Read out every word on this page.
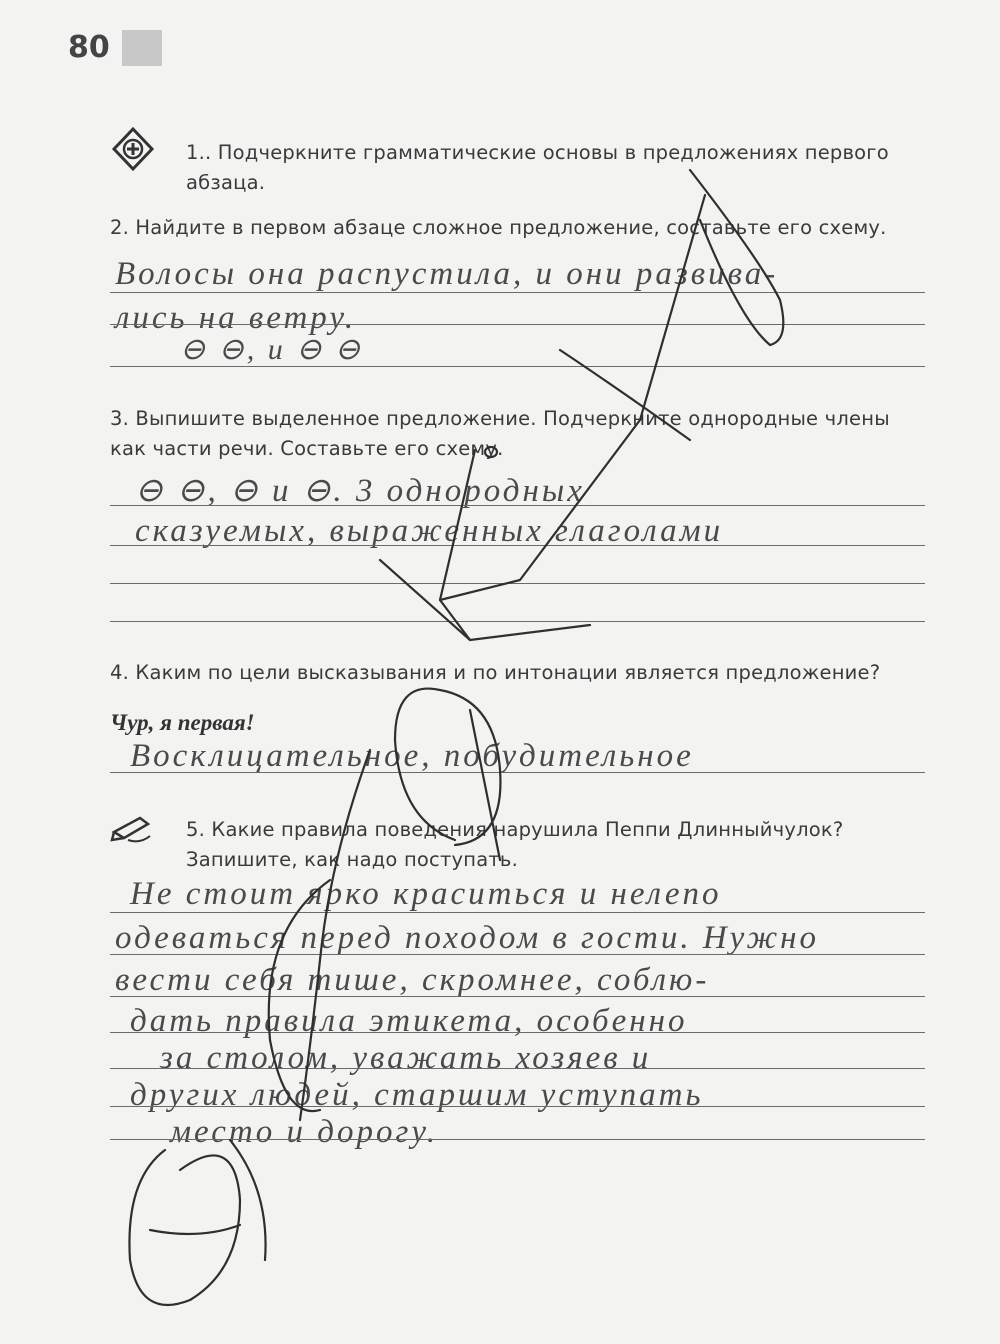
80
1.. Подчеркните грамматические основы в предложениях первого абзаца.
2. Найдите в первом абзаце сложное предложение, составьте его схему.
Волосы она распустила, и они развива-
лись на ветру.
⊖ ⊖, и ⊖ ⊖
3. Выпишите выделенное предложение. Подчеркните однородные члены как части речи. Составьте его схему.
⊖ ⊖, ⊖ и ⊖. 3 однородных
сказуемых, выраженных глаголами
4. Каким по цели высказывания и по интонации является предложение?
Чур, я первая!
Восклицательное, побудительное
5. Какие правила поведения нарушила Пеппи Длинныйчулок? Запишите, как надо поступать.
Не стоит ярко краситься и нелепо
одеваться перед походом в гости. Нужно
вести себя тише, скромнее, соблю-
дать правила этикета, особенно
за столом, уважать хозяев и
других людей, старшим уступать
место и дорогу.
